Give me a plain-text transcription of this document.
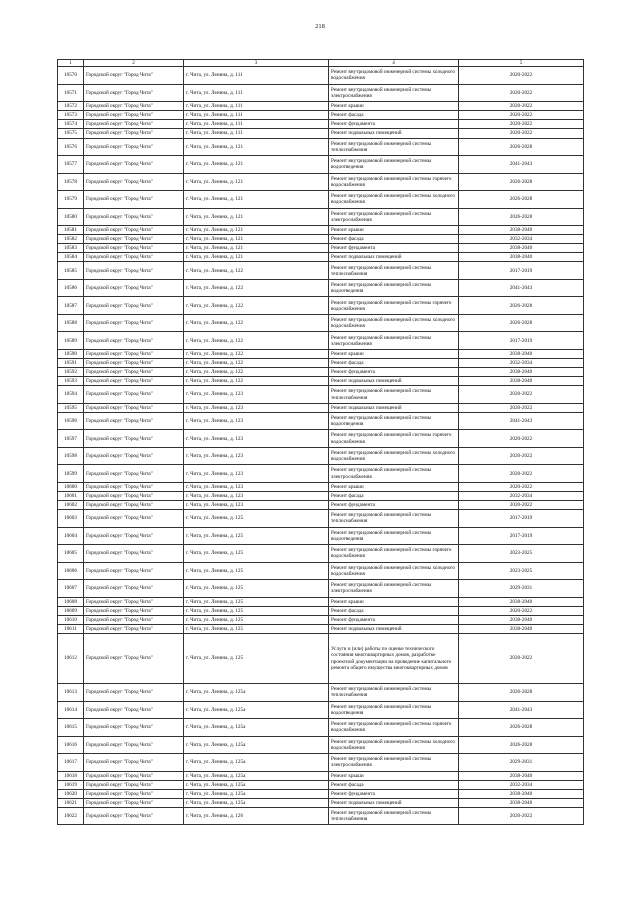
218
1	2	3	4	5
10570	Городской округ "Город Чита"	г. Чита, ул. Ленина, д. 111	Ремонт внутридомовой инженерной системы холодного водоснабжения	2020-2022
10571	Городской округ "Город Чита"	г. Чита, ул. Ленина, д. 111	Ремонт внутридомовой инженерной системы электроснабжения	2020-2022
10572	Городской округ "Город Чита"	г. Чита, ул. Ленина, д. 111	Ремонт крыши	2020-2022
10573	Городской округ "Город Чита"	г. Чита, ул. Ленина, д. 111	Ремонт фасада	2020-2022
10574	Городской округ "Город Чита"	г. Чита, ул. Ленина, д. 111	Ремонт фундамента	2020-2022
10575	Городской округ "Город Чита"	г. Чита, ул. Ленина, д. 111	Ремонт подвальных помещений	2020-2022
10576	Городской округ "Город Чита"	г. Чита, ул. Ленина, д. 121	Ремонт внутридомовой инженерной системы теплоснабжения	2026-2028
10577	Городской округ "Город Чита"	г. Чита, ул. Ленина, д. 121	Ремонт внутридомовой инженерной системы водоотведения	2041-2043
10578	Городской округ "Город Чита"	г. Чита, ул. Ленина, д. 121	Ремонт внутридомовой инженерной системы горячего водоснабжения	2026-2028
10579	Городской округ "Город Чита"	г. Чита, ул. Ленина, д. 121	Ремонт внутридомовой инженерной системы холодного водоснабжения	2026-2028
10580	Городской округ "Город Чита"	г. Чита, ул. Ленина, д. 121	Ремонт внутридомовой инженерной системы электроснабжения	2026-2028
10581	Городской округ "Город Чита"	г. Чита, ул. Ленина, д. 121	Ремонт крыши	2038-2040
10582	Городской округ "Город Чита"	г. Чита, ул. Ленина, д. 121	Ремонт фасада	2032-2034
10583	Городской округ "Город Чита"	г. Чита, ул. Ленина, д. 121	Ремонт фундамента	2038-2040
10584	Городской округ "Город Чита"	г. Чита, ул. Ленина, д. 121	Ремонт подвальных помещений	2038-2040
10585	Городской округ "Город Чита"	г. Чита, ул. Ленина, д. 122	Ремонт внутридомовой инженерной системы теплоснабжения	2017-2019
10586	Городской округ "Город Чита"	г. Чита, ул. Ленина, д. 122	Ремонт внутридомовой инженерной системы водоотведения	2041-2043
10587	Городской округ "Город Чита"	г. Чита, ул. Ленина, д. 122	Ремонт внутридомовой инженерной системы горячего водоснабжения	2026-2028
10588	Городской округ "Город Чита"	г. Чита, ул. Ленина, д. 122	Ремонт внутридомовой инженерной системы холодного водоснабжения	2026-2028
10589	Городской округ "Город Чита"	г. Чита, ул. Ленина, д. 122	Ремонт внутридомовой инженерной системы электроснабжения	2017-2019
10590	Городской округ "Город Чита"	г. Чита, ул. Ленина, д. 122	Ремонт крыши	2038-2040
10591	Городской округ "Город Чита"	г. Чита, ул. Ленина, д. 122	Ремонт фасада	2032-2034
10592	Городской округ "Город Чита"	г. Чита, ул. Ленина, д. 122	Ремонт фундамента	2038-2040
10593	Городской округ "Город Чита"	г. Чита, ул. Ленина, д. 122	Ремонт подвальных помещений	2038-2040
10594	Городской округ "Город Чита"	г. Чита, ул. Ленина, д. 123	Ремонт внутридомовой инженерной системы теплоснабжения	2020-2022
10595	Городской округ "Город Чита"	г. Чита, ул. Ленина, д. 123	Ремонт подвальных помещений	2020-2022
10596	Городской округ "Город Чита"	г. Чита, ул. Ленина, д. 123	Ремонт внутридомовой инженерной системы водоотведения	2041-2043
10597	Городской округ "Город Чита"	г. Чита, ул. Ленина, д. 123	Ремонт внутридомовой инженерной системы горячего водоснабжения	2020-2022
10598	Городской округ "Город Чита"	г. Чита, ул. Ленина, д. 123	Ремонт внутридомовой инженерной системы холодного водоснабжения	2020-2022
10599	Городской округ "Город Чита"	г. Чита, ул. Ленина, д. 123	Ремонт внутридомовой инженерной системы электроснабжения	2020-2022
10600	Городской округ "Город Чита"	г. Чита, ул. Ленина, д. 123	Ремонт крыши	2020-2022
10601	Городской округ "Город Чита"	г. Чита, ул. Ленина, д. 123	Ремонт фасада	2032-2034
10602	Городской округ "Город Чита"	г. Чита, ул. Ленина, д. 123	Ремонт фундамента	2020-2022
10603	Городской округ "Город Чита"	г. Чита, ул. Ленина, д. 125	Ремонт внутридомовой инженерной системы теплоснабжения	2017-2019
10604	Городской округ "Город Чита"	г. Чита, ул. Ленина, д. 125	Ремонт внутридомовой инженерной системы водоотведения	2017-2019
10605	Городской округ "Город Чита"	г. Чита, ул. Ленина, д. 125	Ремонт внутридомовой инженерной системы горячего водоснабжения	2023-2025
10606	Городской округ "Город Чита"	г. Чита, ул. Ленина, д. 125	Ремонт внутридомовой инженерной системы холодного водоснабжения	2023-2025
10607	Городской округ "Город Чита"	г. Чита, ул. Ленина, д. 125	Ремонт внутридомовой инженерной системы электроснабжения	2029-2031
10608	Городской округ "Город Чита"	г. Чита, ул. Ленина, д. 125	Ремонт крыши	2038-2040
10609	Городской округ "Город Чита"	г. Чита, ул. Ленина, д. 125	Ремонт фасада	2020-2022
10610	Городской округ "Город Чита"	г. Чита, ул. Ленина, д. 125	Ремонт фундамента	2038-2040
10611	Городской округ "Город Чита"	г. Чита, ул. Ленина, д. 125	Ремонт подвальных помещений	2038-2040
10612	Городской округ "Город Чита"	г. Чита, ул. Ленина, д. 125	Услуги и (или) работы по оценке технического состояния многоквартирных домов, разработке проектной документации на проведение капитального ремонта общего имущества многоквартирных домов	2020-2022
10613	Городской округ "Город Чита"	г. Чита, ул. Ленина, д. 125а	Ремонт внутридомовой инженерной системы теплоснабжения	2026-2028
10614	Городской округ "Город Чита"	г. Чита, ул. Ленина, д. 125а	Ремонт внутридомовой инженерной системы водоотведения	2041-2043
10615	Городской округ "Город Чита"	г. Чита, ул. Ленина, д. 125а	Ремонт внутридомовой инженерной системы горячего водоснабжения	2026-2028
10616	Городской округ "Город Чита"	г. Чита, ул. Ленина, д. 125а	Ремонт внутридомовой инженерной системы холодного водоснабжения	2026-2028
10617	Городской округ "Город Чита"	г. Чита, ул. Ленина, д. 125а	Ремонт внутридомовой инженерной системы электроснабжения	2029-2031
10618	Городской округ "Город Чита"	г. Чита, ул. Ленина, д. 125а	Ремонт крыши	2038-2040
10619	Городской округ "Город Чита"	г. Чита, ул. Ленина, д. 125а	Ремонт фасада	2032-2034
10620	Городской округ "Город Чита"	г. Чита, ул. Ленина, д. 125а	Ремонт фундамента	2038-2040
10621	Городской округ "Город Чита"	г. Чита, ул. Ленина, д. 125а	Ремонт подвальных помещений	2038-2040
10622	Городской округ "Город Чита"	г. Чита, ул. Ленина, д. 126	Ремонт внутридомовой инженерной системы теплоснабжения	2020-2022
